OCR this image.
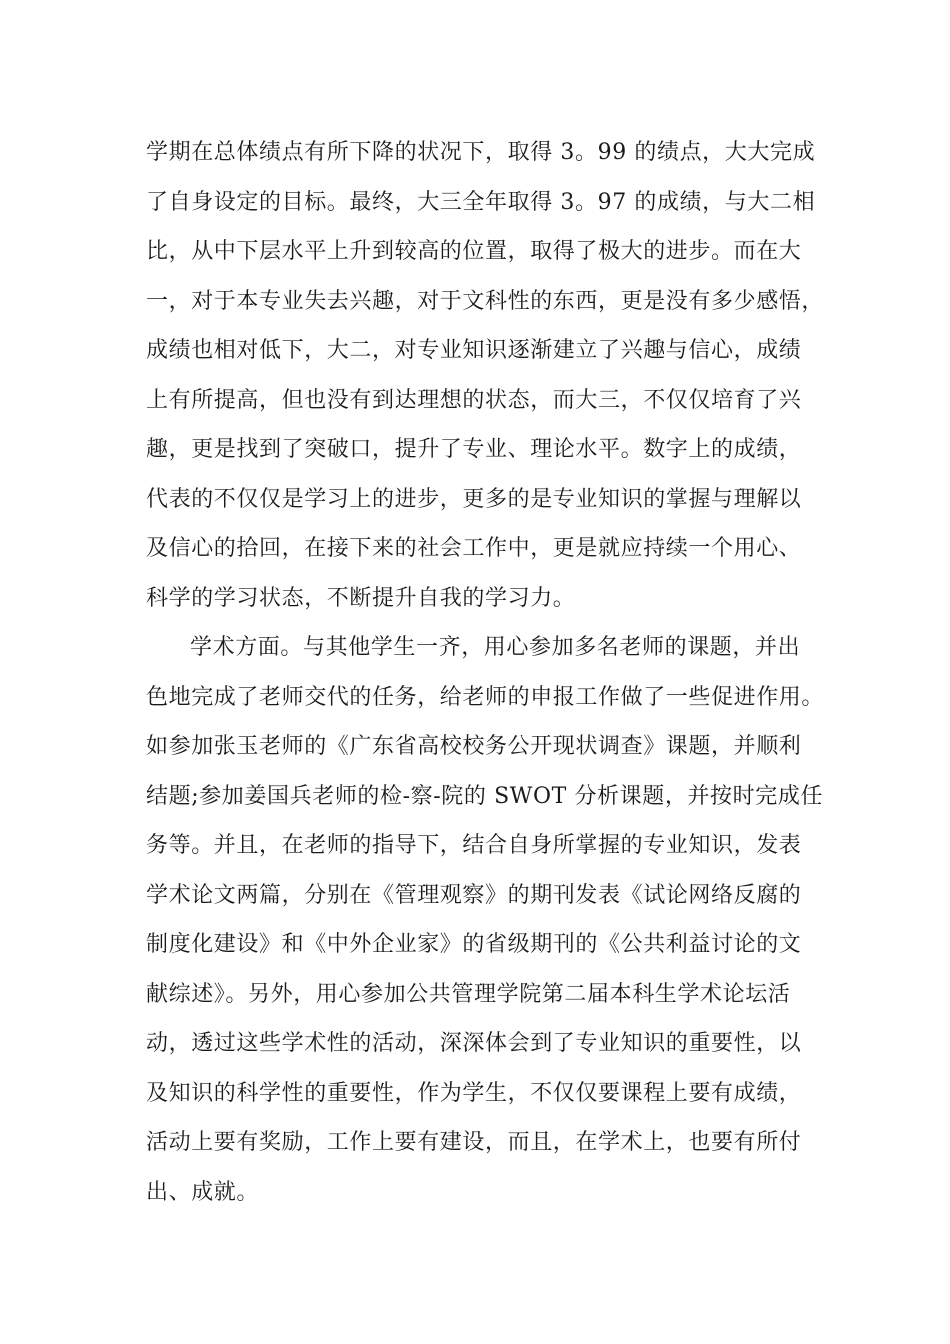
学期在总体绩点有所下降的状况下，取得 3。99 的绩点，大大完成
了自身设定的目标。最终，大三全年取得 3。97 的成绩，与大二相
比，从中下层水平上升到较高的位置，取得了极大的进步。而在大
一，对于本专业失去兴趣，对于文科性的东西，更是没有多少感悟，
成绩也相对低下，大二，对专业知识逐渐建立了兴趣与信心，成绩
上有所提高，但也没有到达理想的状态，而大三，不仅仅培育了兴
趣，更是找到了突破口，提升了专业、理论水平。数字上的成绩，
代表的不仅仅是学习上的进步，更多的是专业知识的掌握与理解以
及信心的拾回，在接下来的社会工作中，更是就应持续一个用心、
科学的学习状态，不断提升自我的学习力。
学术方面。与其他学生一齐，用心参加多名老师的课题，并出
色地完成了老师交代的任务，给老师的申报工作做了一些促进作用。
如参加张玉老师的《广东省高校校务公开现状调查》课题，并顺利
结题;参加姜国兵老师的检-察-院的 SWOT 分析课题，并按时完成任
务等。并且，在老师的指导下，结合自身所掌握的专业知识，发表
学术论文两篇，分别在《管理观察》的期刊发表《试论网络反腐的
制度化建设》和《中外企业家》的省级期刊的《公共利益讨论的文
献综述》。另外，用心参加公共管理学院第二届本科生学术论坛活
动，透过这些学术性的活动，深深体会到了专业知识的重要性，以
及知识的科学性的重要性，作为学生，不仅仅要课程上要有成绩，
活动上要有奖励，工作上要有建设，而且，在学术上，也要有所付
出、成就。
